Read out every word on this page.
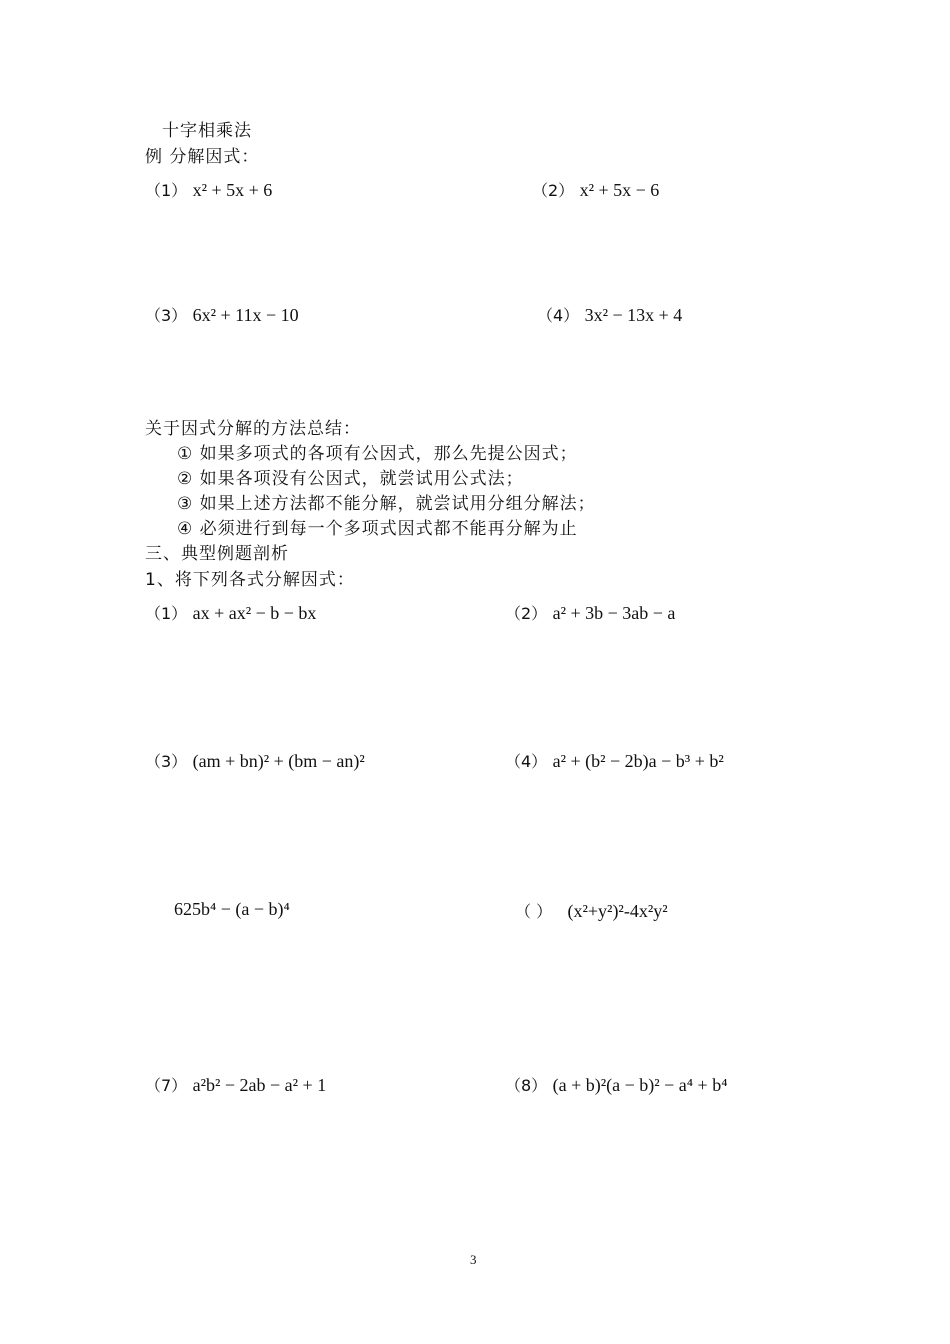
十字相乘法
例 分解因式：
（1） x² + 5x + 6	（2） x² + 5x − 6
（3） 6x² + 11x − 10	（4） 3x² − 13x + 4
关于因式分解的方法总结：
① 如果多项式的各项有公因式，那么先提公因式；
② 如果各项没有公因式，就尝试用公式法；
③ 如果上述方法都不能分解，就尝试用分组分解法；
④ 必须进行到每一个多项式因式都不能再分解为止
三、典型例题剖析
1、将下列各式分解因式：
（1） ax + ax² − b − bx	（2） a² + 3b − 3ab − a
（3） (am + bn)² + (bm − an)²	（4） a² + (b² − 2b)a − b³ + b²
625b⁴ − (a − b)⁴	（ ） (x²+y²)²-4x²y²
（7） a²b² − 2ab − a² + 1	（8） (a + b)²(a − b)² − a⁴ + b⁴
3
